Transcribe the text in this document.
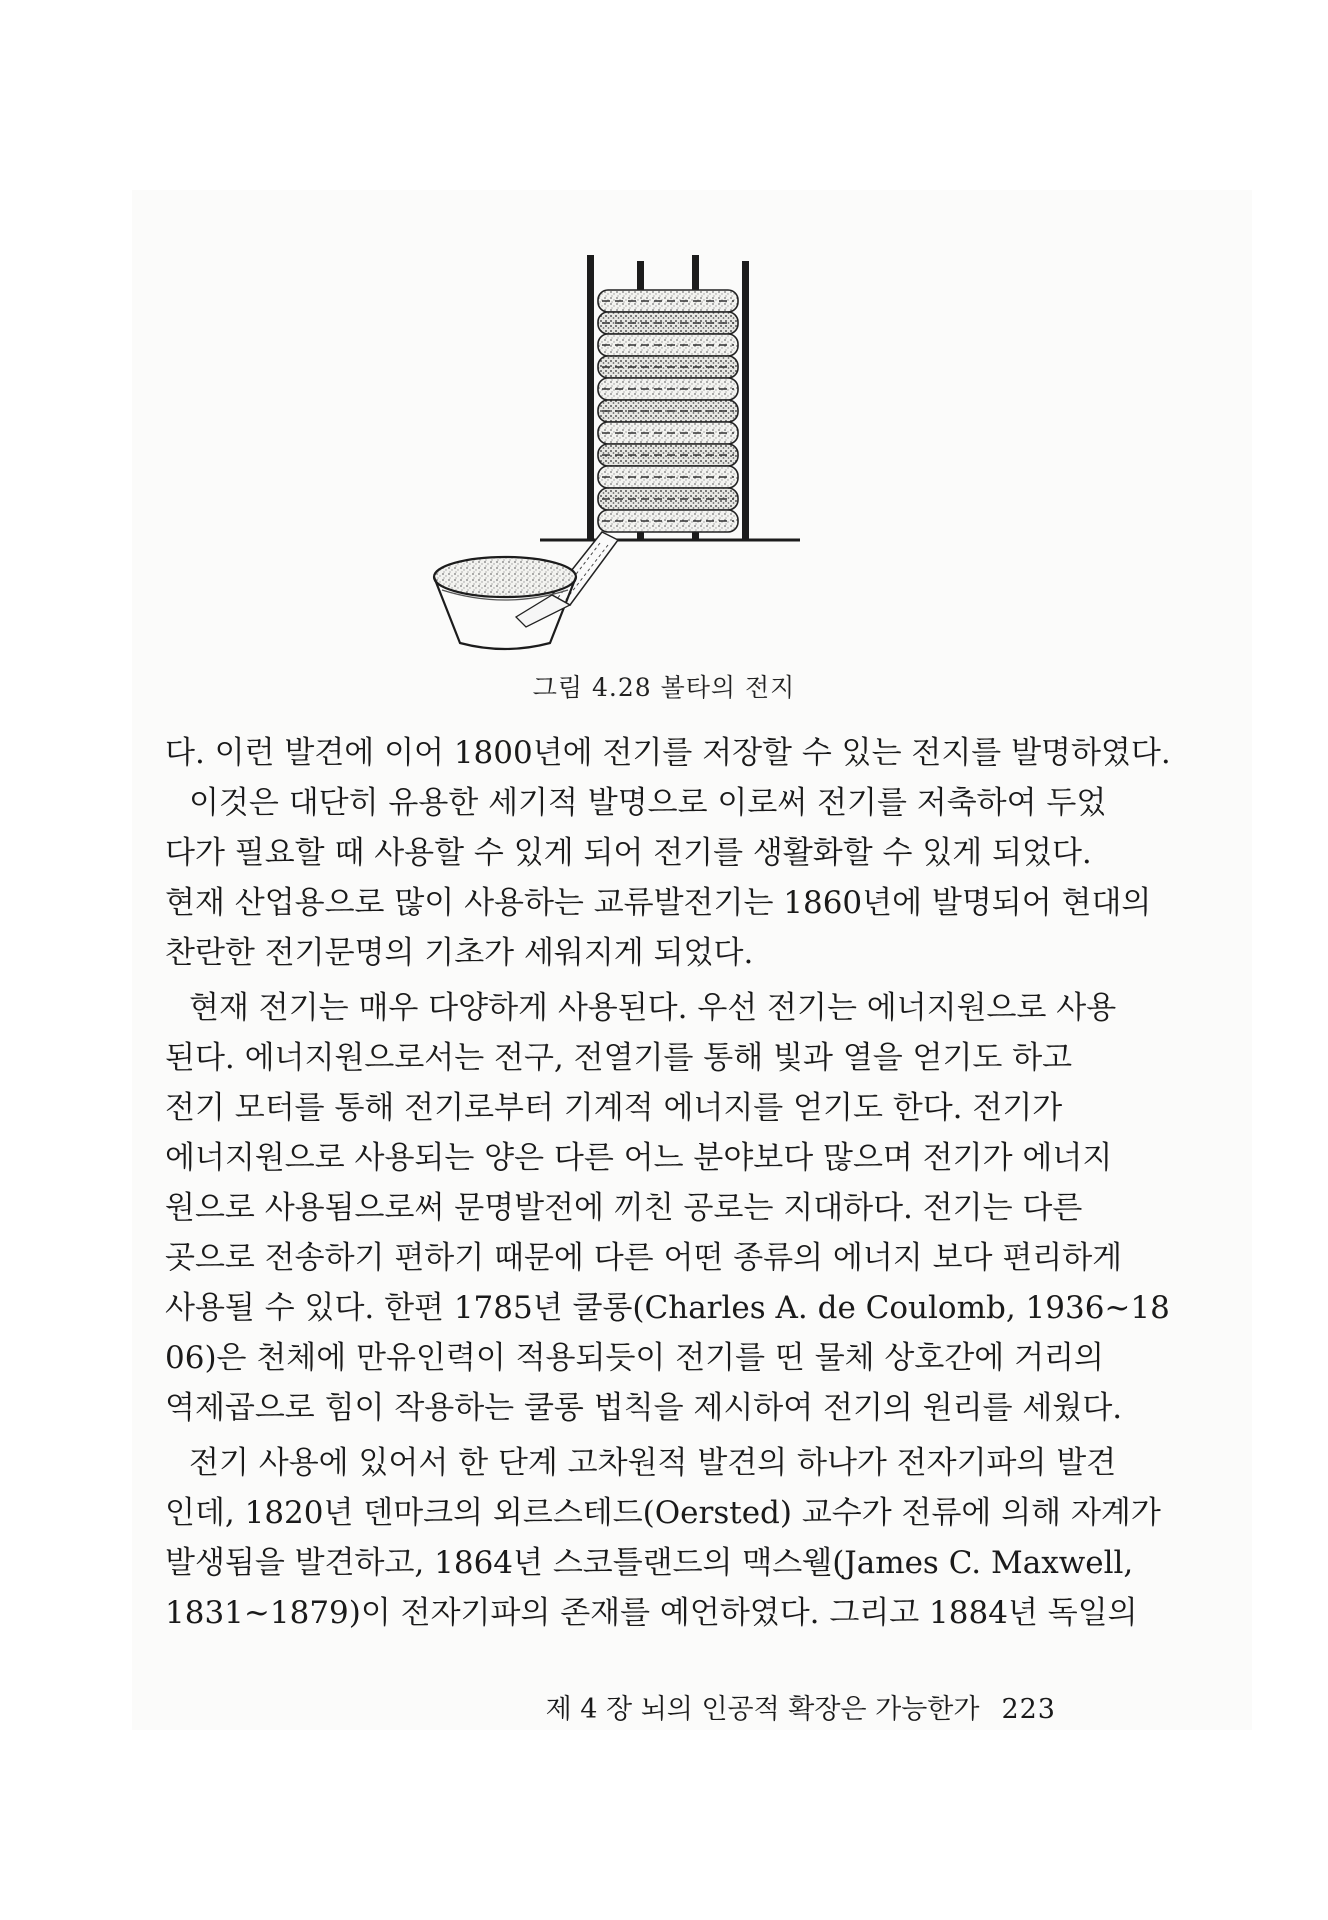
그림 4.28 볼타의 전지
다. 이런 발견에 이어 1800년에 전기를 저장할 수 있는 전지를 발명하였다.
이것은 대단히 유용한 세기적 발명으로 이로써 전기를 저축하여 두었
다가 필요할 때 사용할 수 있게 되어 전기를 생활화할 수 있게 되었다.
현재 산업용으로 많이 사용하는 교류발전기는 1860년에 발명되어 현대의
찬란한 전기문명의 기초가 세워지게 되었다.
현재 전기는 매우 다양하게 사용된다. 우선 전기는 에너지원으로 사용
된다. 에너지원으로서는 전구, 전열기를 통해 빛과 열을 얻기도 하고
전기 모터를 통해 전기로부터 기계적 에너지를 얻기도 한다. 전기가
에너지원으로 사용되는 양은 다른 어느 분야보다 많으며 전기가 에너지
원으로 사용됨으로써 문명발전에 끼친 공로는 지대하다. 전기는 다른
곳으로 전송하기 편하기 때문에 다른 어떤 종류의 에너지 보다 편리하게
사용될 수 있다. 한편 1785년 쿨롱(Charles A. de Coulomb, 1936~18
06)은 천체에 만유인력이 적용되듯이 전기를 띤 물체 상호간에 거리의
역제곱으로 힘이 작용하는 쿨롱 법칙을 제시하여 전기의 원리를 세웠다.
전기 사용에 있어서 한 단계 고차원적 발견의 하나가 전자기파의 발견
인데, 1820년 덴마크의 외르스테드(Oersted) 교수가 전류에 의해 자계가
발생됨을 발견하고, 1864년 스코틀랜드의 맥스웰(James C. Maxwell,
1831~1879)이 전자기파의 존재를 예언하였다. 그리고 1884년 독일의
제 4 장 뇌의 인공적 확장은 가능한가 223
